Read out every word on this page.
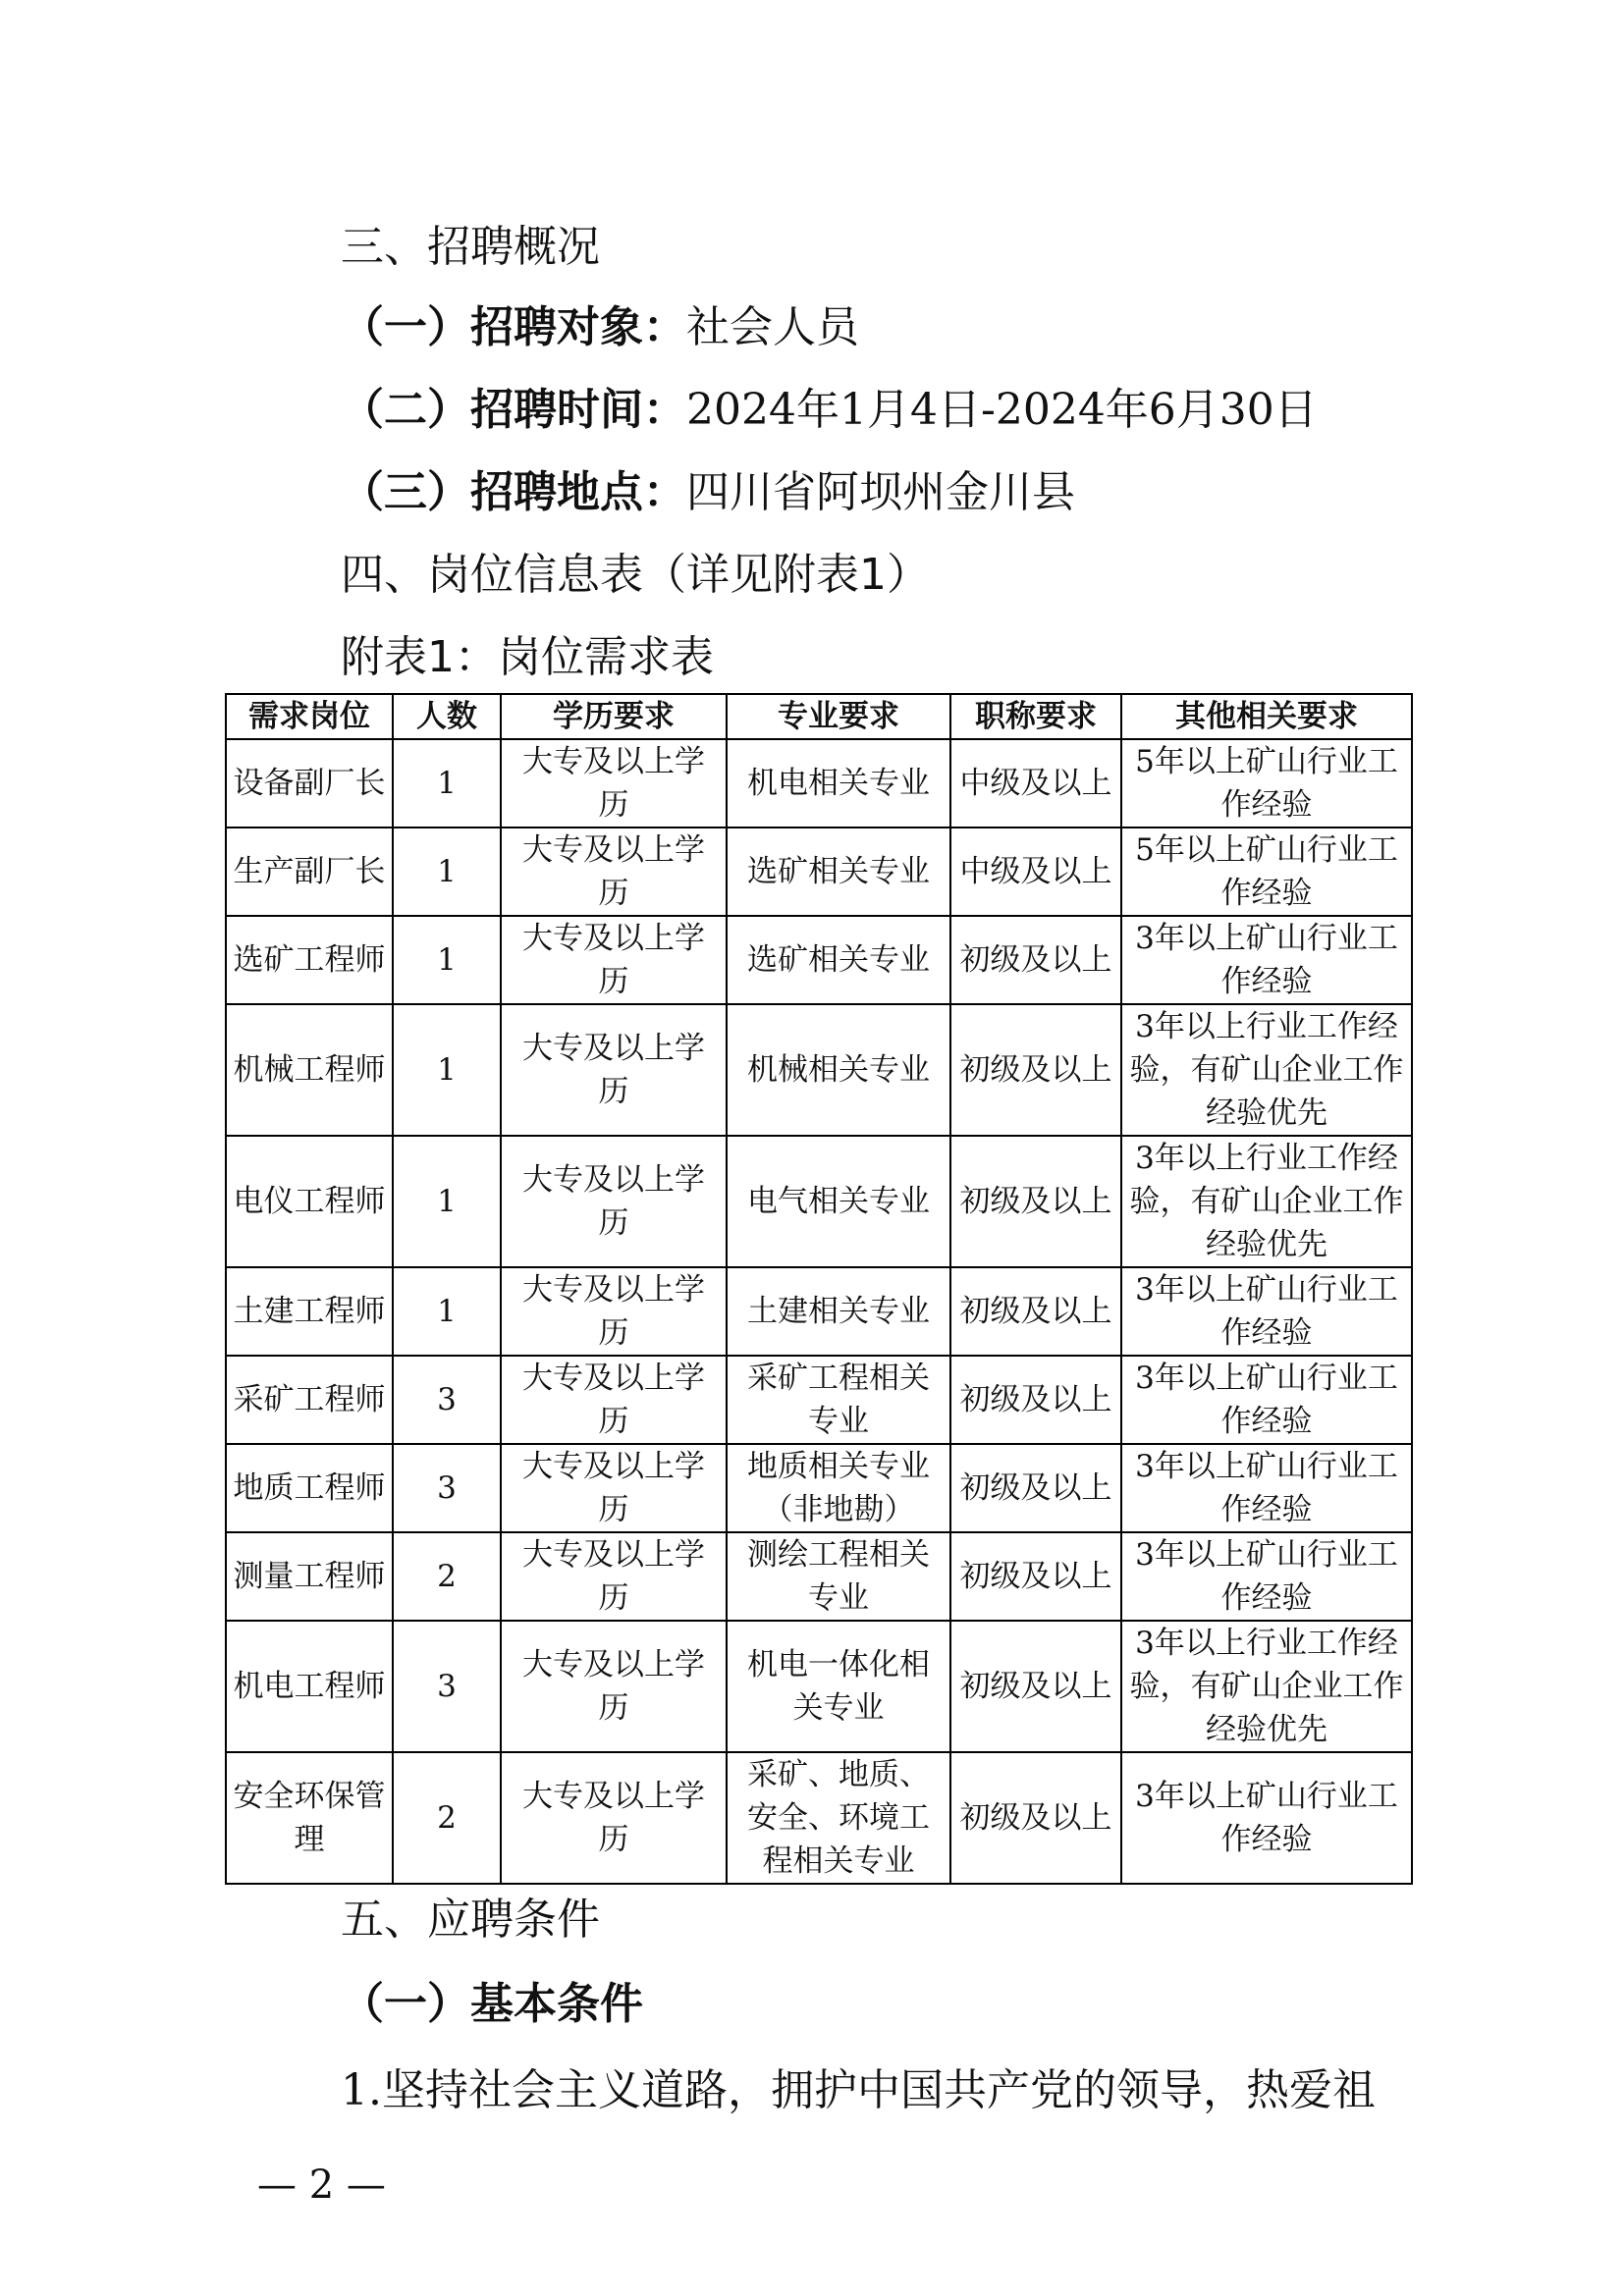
三、招聘概况
（一）招聘对象：社会人员
（二）招聘时间：2024年1月4日-2024年6月30日
（三）招聘地点：四川省阿坝州金川县
四、岗位信息表（详见附表1）
附表1：岗位需求表
需求岗位	人数	学历要求	专业要求	职称要求	其他相关要求
设备副厂长	1	大专及以上学历	机电相关专业	中级及以上	5年以上矿山行业工作经验
生产副厂长	1	大专及以上学历	选矿相关专业	中级及以上	5年以上矿山行业工作经验
选矿工程师	1	大专及以上学历	选矿相关专业	初级及以上	3年以上矿山行业工作经验
机械工程师	1	大专及以上学历	机械相关专业	初级及以上	3年以上行业工作经验，有矿山企业工作经验优先
电仪工程师	1	大专及以上学历	电气相关专业	初级及以上	3年以上行业工作经验，有矿山企业工作经验优先
土建工程师	1	大专及以上学历	土建相关专业	初级及以上	3年以上矿山行业工作经验
采矿工程师	3	大专及以上学历	采矿工程相关专业	初级及以上	3年以上矿山行业工作经验
地质工程师	3	大专及以上学历	地质相关专业（非地勘）	初级及以上	3年以上矿山行业工作经验
测量工程师	2	大专及以上学历	测绘工程相关专业	初级及以上	3年以上矿山行业工作经验
机电工程师	3	大专及以上学历	机电一体化相关专业	初级及以上	3年以上行业工作经验，有矿山企业工作经验优先
安全环保管理	2	大专及以上学历	采矿、地质、安全、环境工程相关专业	初级及以上	3年以上矿山行业工作经验
五、应聘条件
（一）基本条件
1.坚持社会主义道路，拥护中国共产党的领导，热爱祖
— 2 —
